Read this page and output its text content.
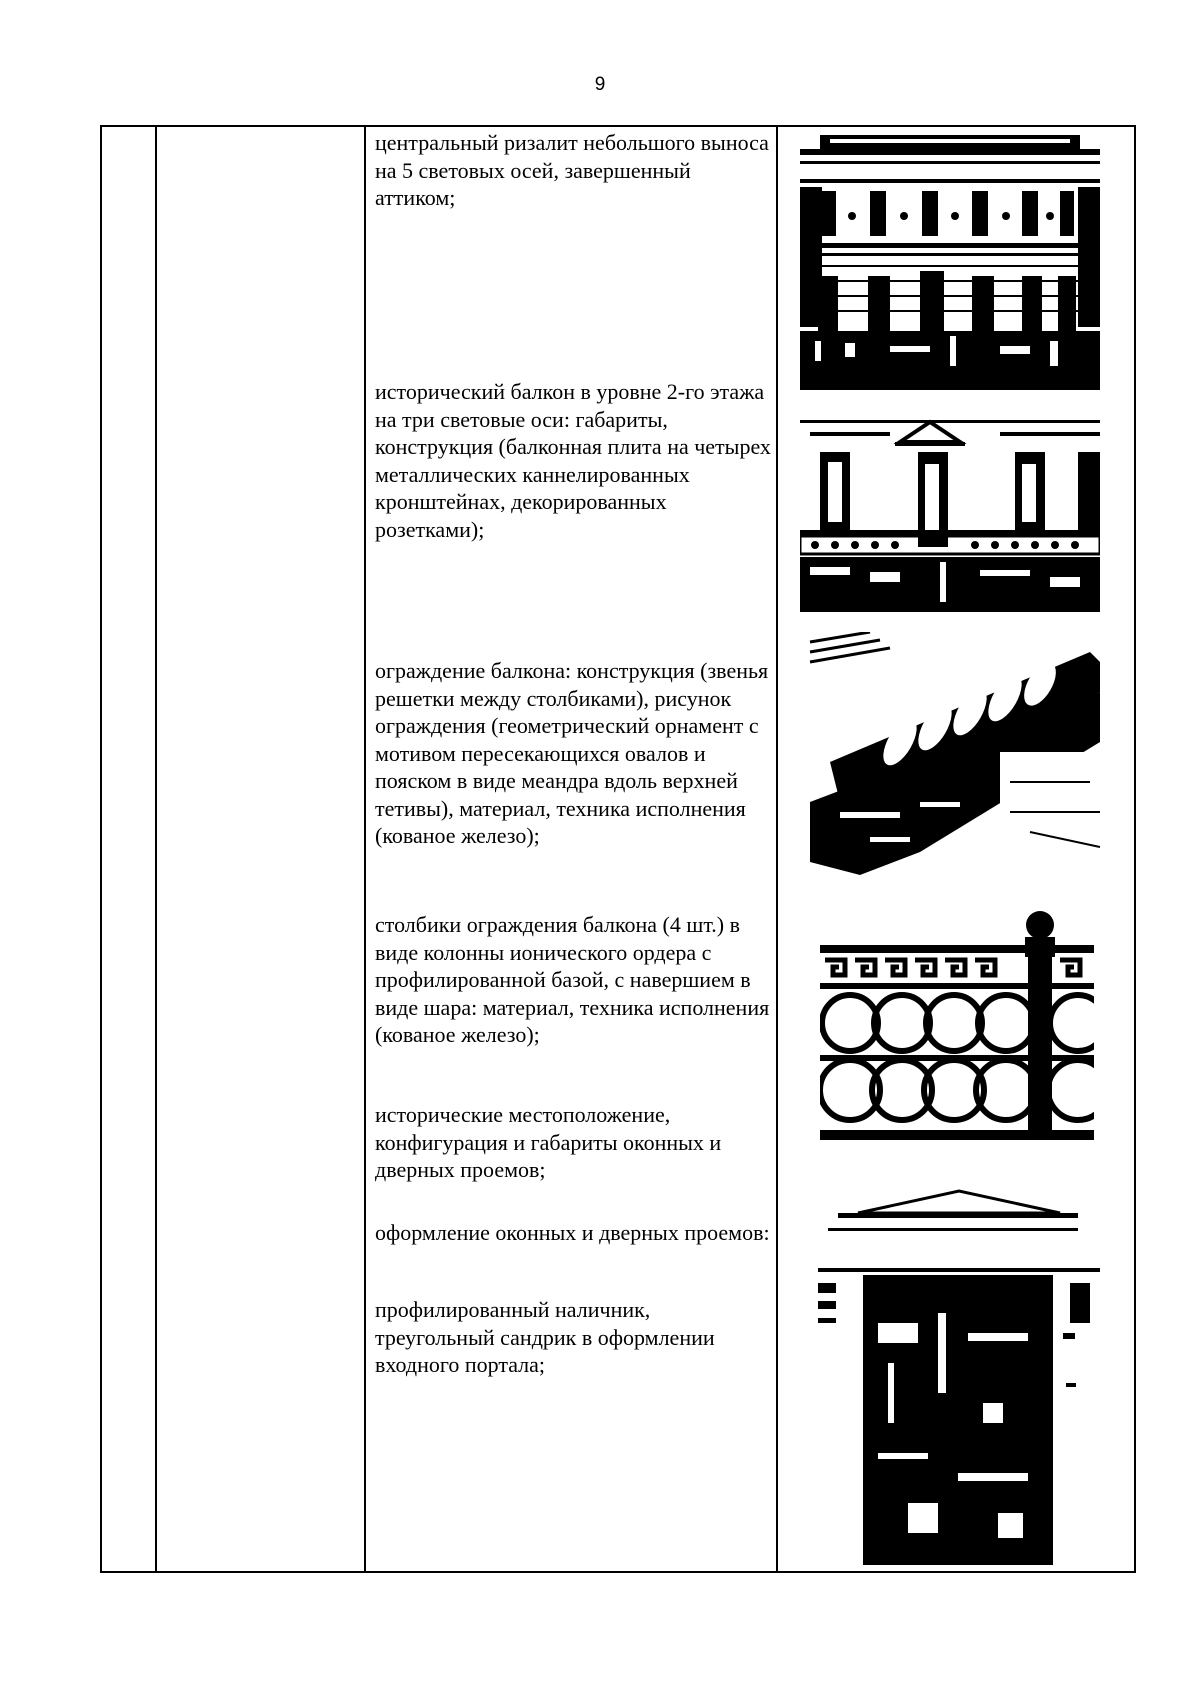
9
центральный ризалит небольшого выноса на 5 световых осей, завершенный аттиком;
исторический балкон в уровне 2-го этажа на три световые оси: габариты, конструкция (балконная плита на четырех металлических каннелированных кронштейнах, декорированных розетками);
ограждение балкона: конструкция (звенья решетки между столбиками), рисунок ограждения (геометрический орнамент с мотивом пересекающихся овалов и пояском в виде меандра вдоль верхней тетивы), материал, техника исполнения (кованое железо);
столбики ограждения балкона (4 шт.) в виде колонны ионического ордера с профилированной базой, с навершием в виде шара: материал, техника исполнения (кованое железо);
исторические местоположение, конфигурация и габариты оконных и дверных проемов;
оформление оконных и дверных проемов:
профилированный наличник, треугольный сандрик в оформлении входного портала;
